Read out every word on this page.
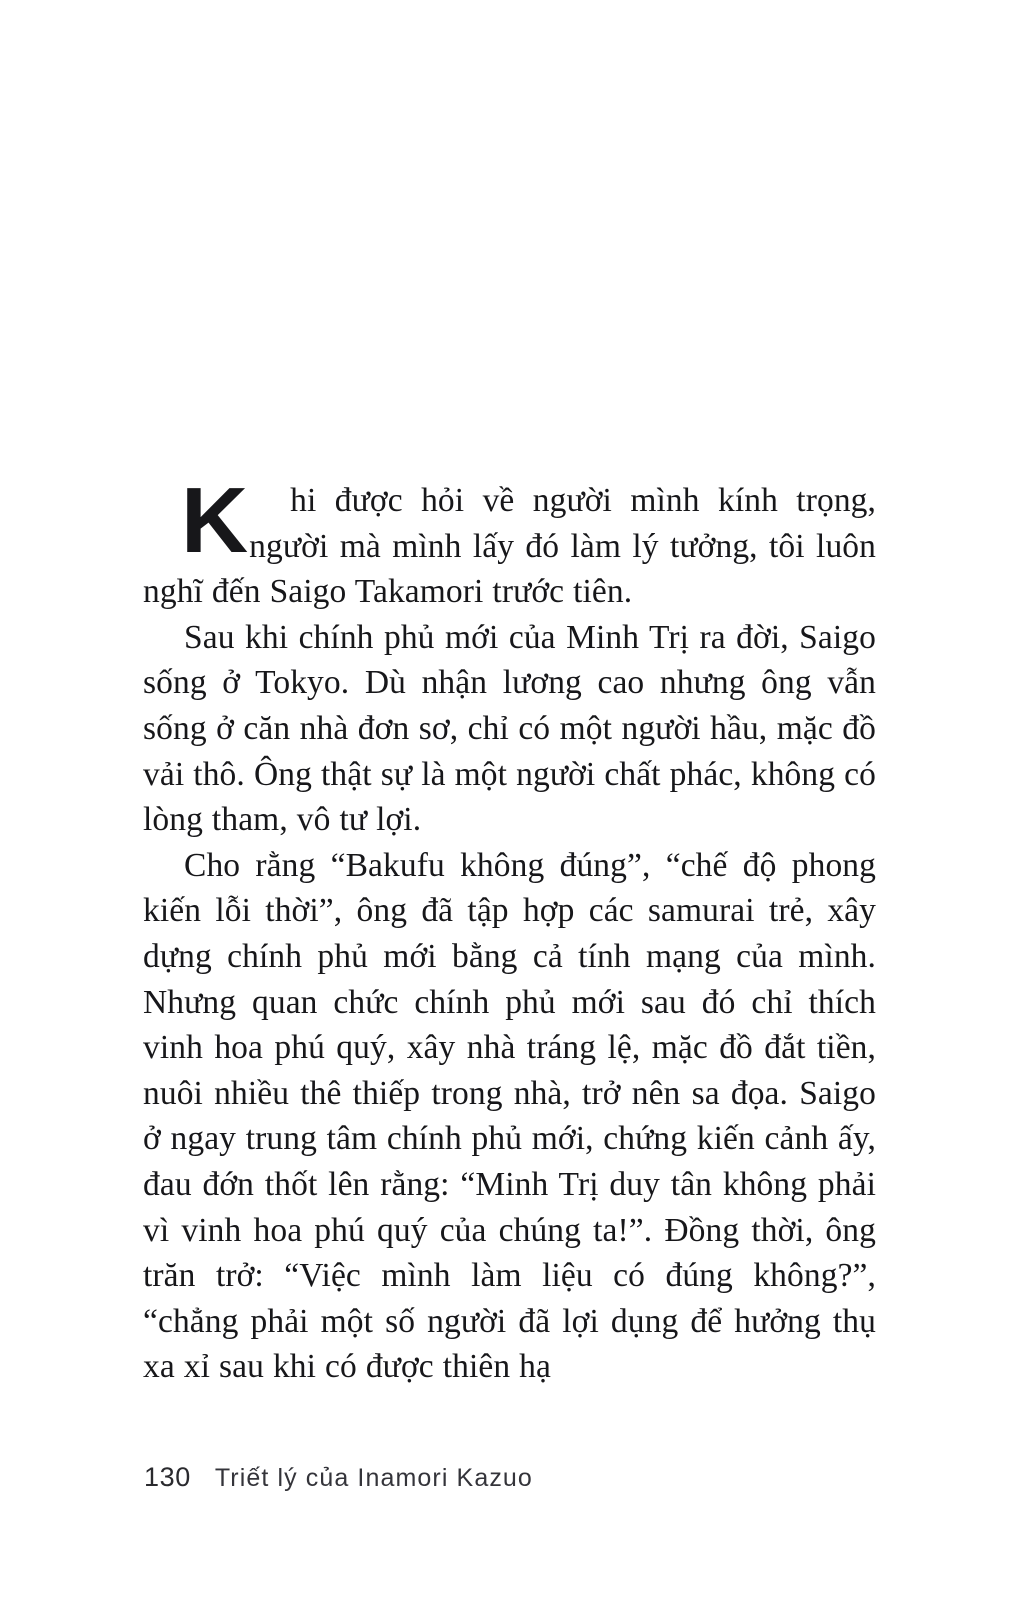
K hi được hỏi về người mình kính trọng, người mà mình lấy đó làm lý tưởng, tôi luôn nghĩ đến Saigo Takamori trước tiên.

Sau khi chính phủ mới của Minh Trị ra đời, Saigo sống ở Tokyo. Dù nhận lương cao nhưng ông vẫn sống ở căn nhà đơn sơ, chỉ có một người hầu, mặc đồ vải thô. Ông thật sự là một người chất phác, không có lòng tham, vô tư lợi.

Cho rằng “Bakufu không đúng”, “chế độ phong kiến lỗi thời”, ông đã tập hợp các samurai trẻ, xây dựng chính phủ mới bằng cả tính mạng của mình. Nhưng quan chức chính phủ mới sau đó chỉ thích vinh hoa phú quý, xây nhà tráng lệ, mặc đồ đắt tiền, nuôi nhiều thê thiếp trong nhà, trở nên sa đọa. Saigo ở ngay trung tâm chính phủ mới, chứng kiến cảnh ấy, đau đớn thốt lên rằng: “Minh Trị duy tân không phải vì vinh hoa phú quý của chúng ta!”. Đồng thời, ông trăn trở: “Việc mình làm liệu có đúng không?”, “chẳng phải một số người đã lợi dụng để hưởng thụ xa xỉ sau khi có được thiên hạ

130 Triết lý của Inamori Kazuo
